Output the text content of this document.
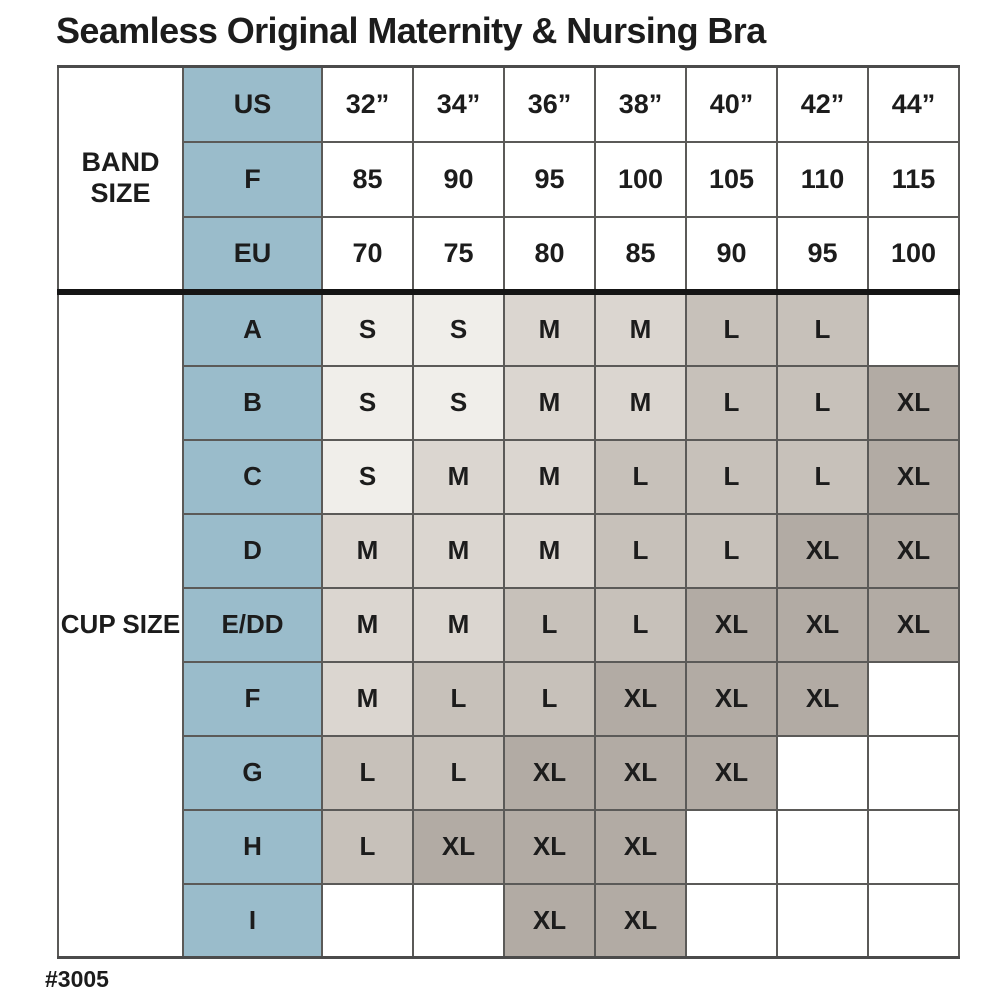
Seamless Original Maternity & Nursing Bra
BAND SIZE	US	32”	34”	36”	38”	40”	42”	44”
	F	85	90	95	100	105	110	115
	EU	70	75	80	85	90	95	100
CUP SIZE	A	S	S	M	M	L	L	
	B	S	S	M	M	L	L	XL
	C	S	M	M	L	L	L	XL
	D	M	M	M	L	L	XL	XL
	E/DD	M	M	L	L	XL	XL	XL
	F	M	L	L	XL	XL	XL	
	G	L	L	XL	XL	XL		
	H	L	XL	XL	XL			
	I			XL	XL			
#3005
